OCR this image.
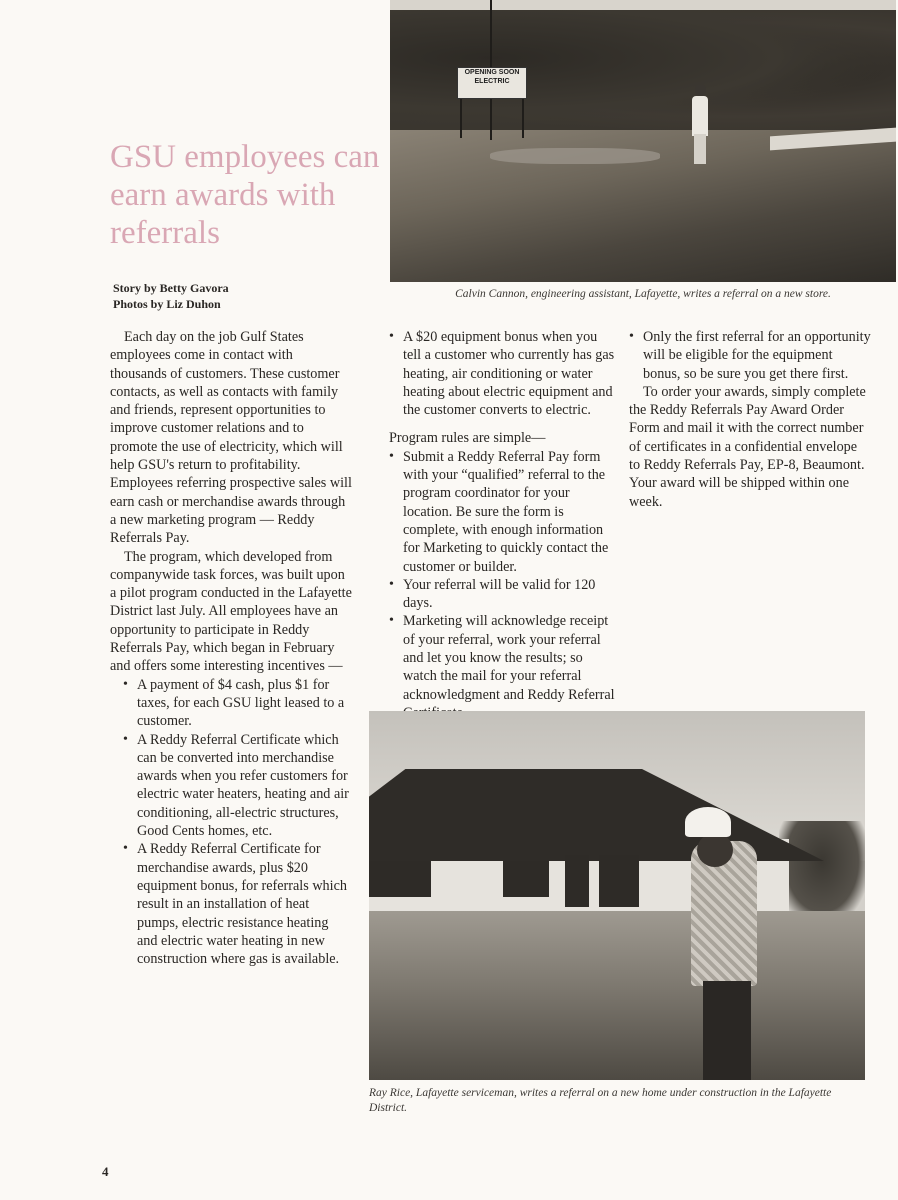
OPENING SOON
ELECTRIC
Calvin Cannon, engineering assistant, Lafayette, writes a referral on a new store.
GSU employees can earn awards with referrals
Story by Betty Gavora
Photos by Liz Duhon

Each day on the job Gulf States employees come in contact with thousands of customers. These customer contacts, as well as contacts with family and friends, represent opportunities to improve customer relations and to promote the use of electricity, which will help GSU's return to profitability. Employees referring prospective sales will earn cash or merchandise awards through a new marketing program — Reddy Referrals Pay.

The program, which developed from companywide task forces, was built upon a pilot program conducted in the Lafayette District last July. All employees have an opportunity to participate in Reddy Referrals Pay, which began in February and offers some interesting incentives —

• A payment of $4 cash, plus $1 for taxes, for each GSU light leased to a customer.

• A Reddy Referral Certificate which can be converted into merchandise awards when you refer customers for electric water heaters, heating and air conditioning, all-electric structures, Good Cents homes, etc.

• A Reddy Referral Certificate for merchandise awards, plus $20 equipment bonus, for referrals which result in an installation of heat pumps, electric resistance heating and electric water heating in new construction where gas is available.

• A $20 equipment bonus when you tell a customer who currently has gas heating, air conditioning or water heating about electric equipment and the customer converts to electric.

Program rules are simple—

• Submit a Reddy Referral Pay form with your “qualified” referral to the program coordinator for your location. Be sure the form is complete, with enough information for Marketing to quickly contact the customer or builder.

• Your referral will be valid for 120 days.

• Marketing will acknowledge receipt of your referral, work your referral and let you know the results; so watch the mail for your referral acknowledgment and Reddy Referral

• Only the first referral for an opportunity will be eligible for the equipment bonus, so be sure you get there first.

To order your awards, simply complete the Reddy Referrals Pay Award Order Form and mail it with the correct number of certificates in a confidential envelope to Reddy Referrals Pay, EP-8, Beaumont. Your award will be shipped within one week.

Ray Rice, Lafayette serviceman, writes a referral on a new home under construction in the Lafayette District.
4
